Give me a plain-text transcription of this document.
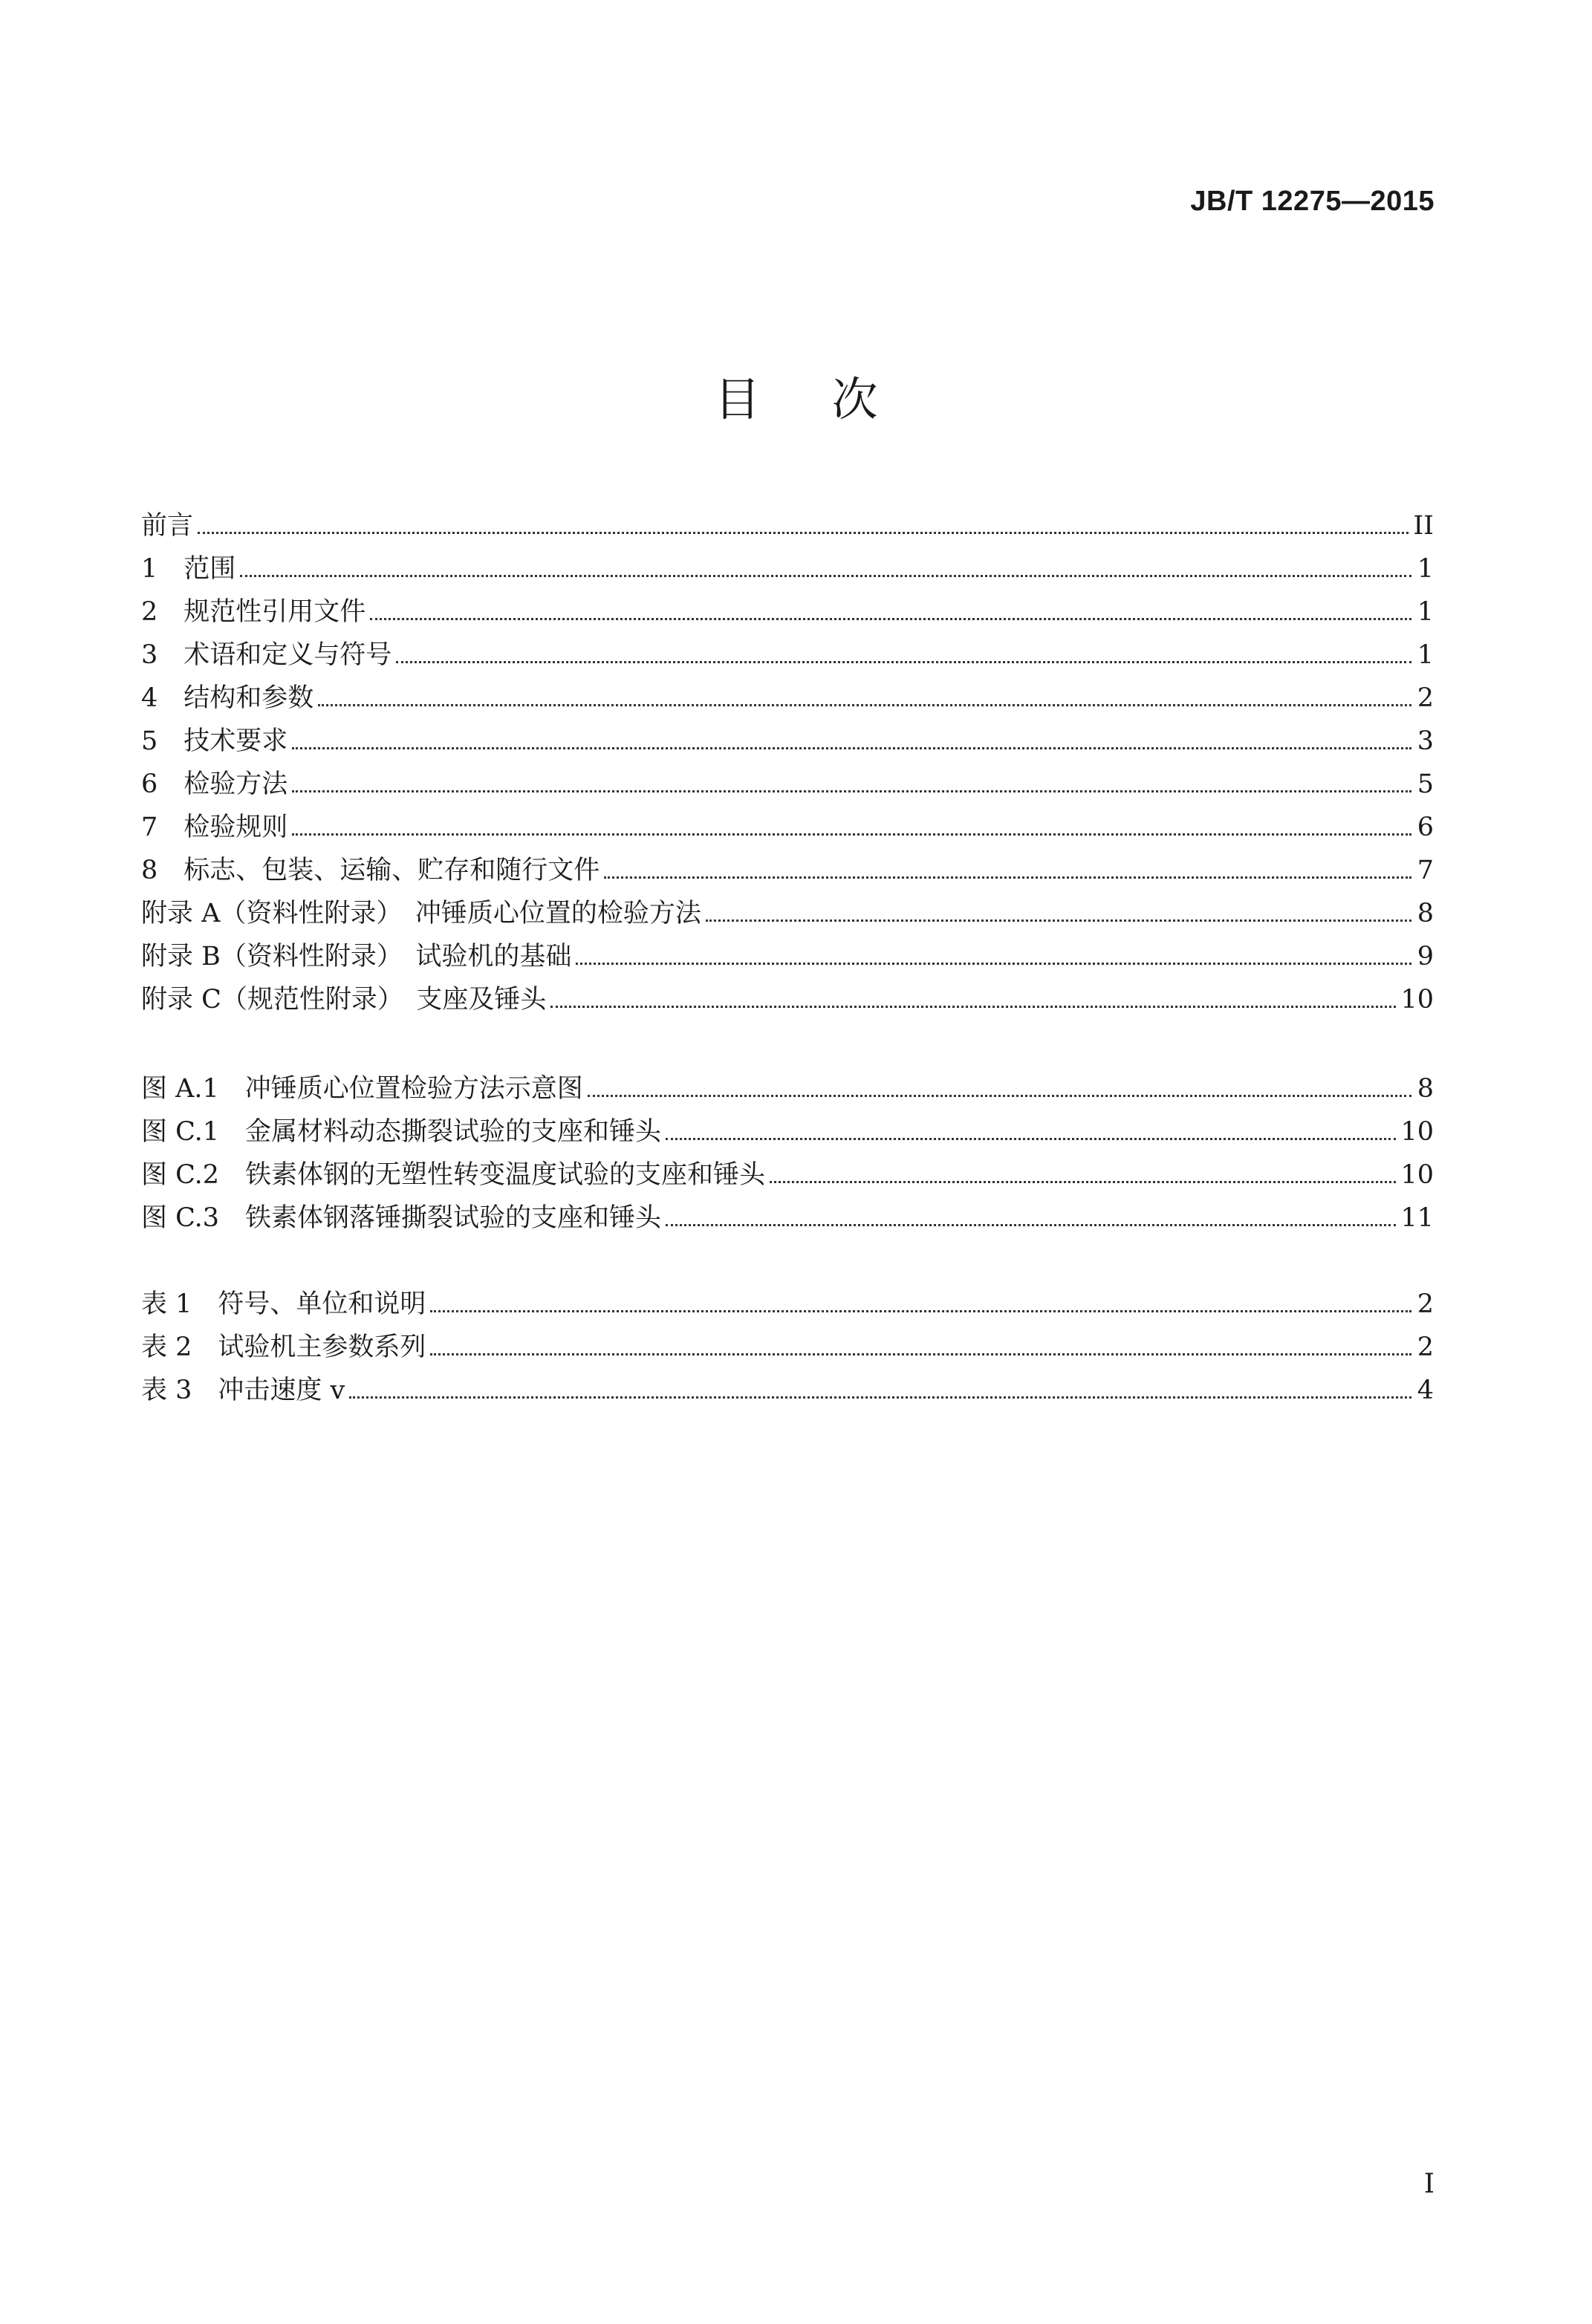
JB/T 12275—2015
目次
前言	II
1　范围	1
2　规范性引用文件	1
3　术语和定义与符号	1
4　结构和参数	2
5　技术要求	3
6　检验方法	5
7　检验规则	6
8　标志、包装、运输、贮存和随行文件	7
附录 A（资料性附录）　冲锤质心位置的检验方法	8
附录 B（资料性附录）　试验机的基础	9
附录 C（规范性附录）　支座及锤头	10
图 A.1　冲锤质心位置检验方法示意图	8
图 C.1　金属材料动态撕裂试验的支座和锤头	10
图 C.2　铁素体钢的无塑性转变温度试验的支座和锤头	10
图 C.3　铁素体钢落锤撕裂试验的支座和锤头	11
表 1　符号、单位和说明	2
表 2　试验机主参数系列	2
表 3　冲击速度 v	4
I
